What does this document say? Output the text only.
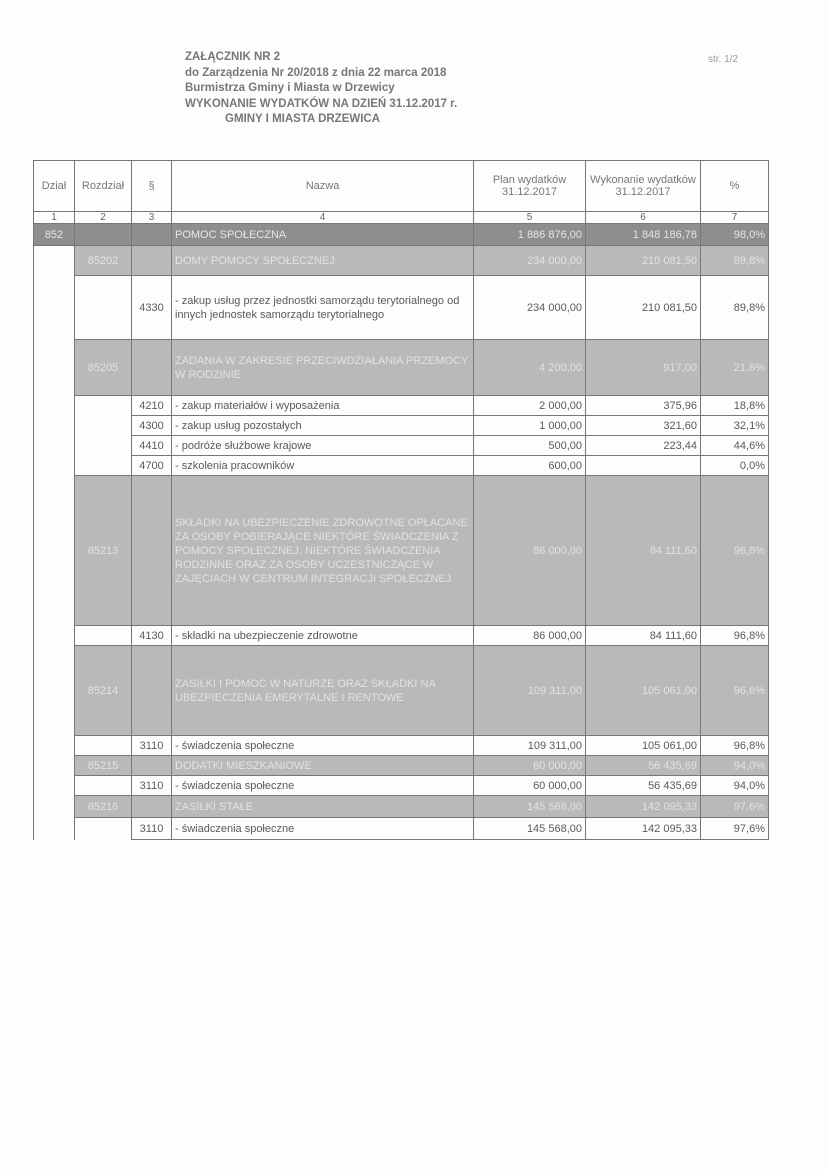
ZAŁĄCZNIK NR 2
do Zarządzenia Nr 20/2018 z dnia 22 marca 2018
Burmistrza Gminy i Miasta w Drzewicy
WYKONANIE WYDATKÓW NA DZIEŃ 31.12.2017 r.
GMINY I MIASTA DRZEWICA
str. 1/2
Dział	Rozdział	§	Nazwa	Plan wydatków 31.12.2017	Wykonanie wydatków 31.12.2017	%
1	2	3	4	5	6	7
852			POMOC SPOŁECZNA	1 886 876,00	1 848 186,78	98,0%
	85202		DOMY POMOCY SPOŁECZNEJ	234 000,00	210 081,50	89,8%
		4330	- zakup usług przez jednostki samorządu terytorialnego od innych jednostek samorządu terytorialnego	234 000,00	210 081,50	89,8%
	85205		ZADANIA W ZAKRESIE PRZECIWDZIAŁANIA PRZEMOCY W RODZINIE	4 200,00	917,00	21,8%
		4210	- zakup materiałów i wyposażenia	2 000,00	375,96	18,8%
		4300	- zakup usług pozostałych	1 000,00	321,60	32,1%
		4410	- podróże służbowe krajowe	500,00	223,44	44,6%
		4700	- szkolenia pracowników	600,00		0,0%
	85213		SKŁADKI NA UBEZPIECZENIE ZDROWOTNE OPŁACANE ZA OSOBY POBIERAJĄCE NIEKTÓRE ŚWIADCZENIA Z POMOCY SPOŁECZNEJ, NIEKTÓRE ŚWIADCZENIA RODZINNE ORAZ ZA OSOBY UCZESTNICZĄCE W ZAJĘCIACH W CENTRUM INTEGRACJI SPOŁECZNEJ	86 000,00	84 111,60	96,8%
		4130	- składki na ubezpieczenie zdrowotne	86 000,00	84 111,60	96,8%
	85214		ZASIŁKI I POMOC W NATURZE ORAZ SKŁADKI NA UBEZPIECZENIA EMERYTALNE I RENTOWE	109 311,00	105 061,00	96,8%
		3110	- świadczenia społeczne	109 311,00	105 061,00	96,8%
	85215		DODATKI MIESZKANIOWE	60 000,00	56 435,69	94,0%
		3110	- świadczenia społeczne	60 000,00	56 435,69	94,0%
	85216		ZASIŁKI STAŁE	145 568,00	142 095,33	97,6%
		3110	- świadczenia społeczne	145 568,00	142 095,33	97,6%
